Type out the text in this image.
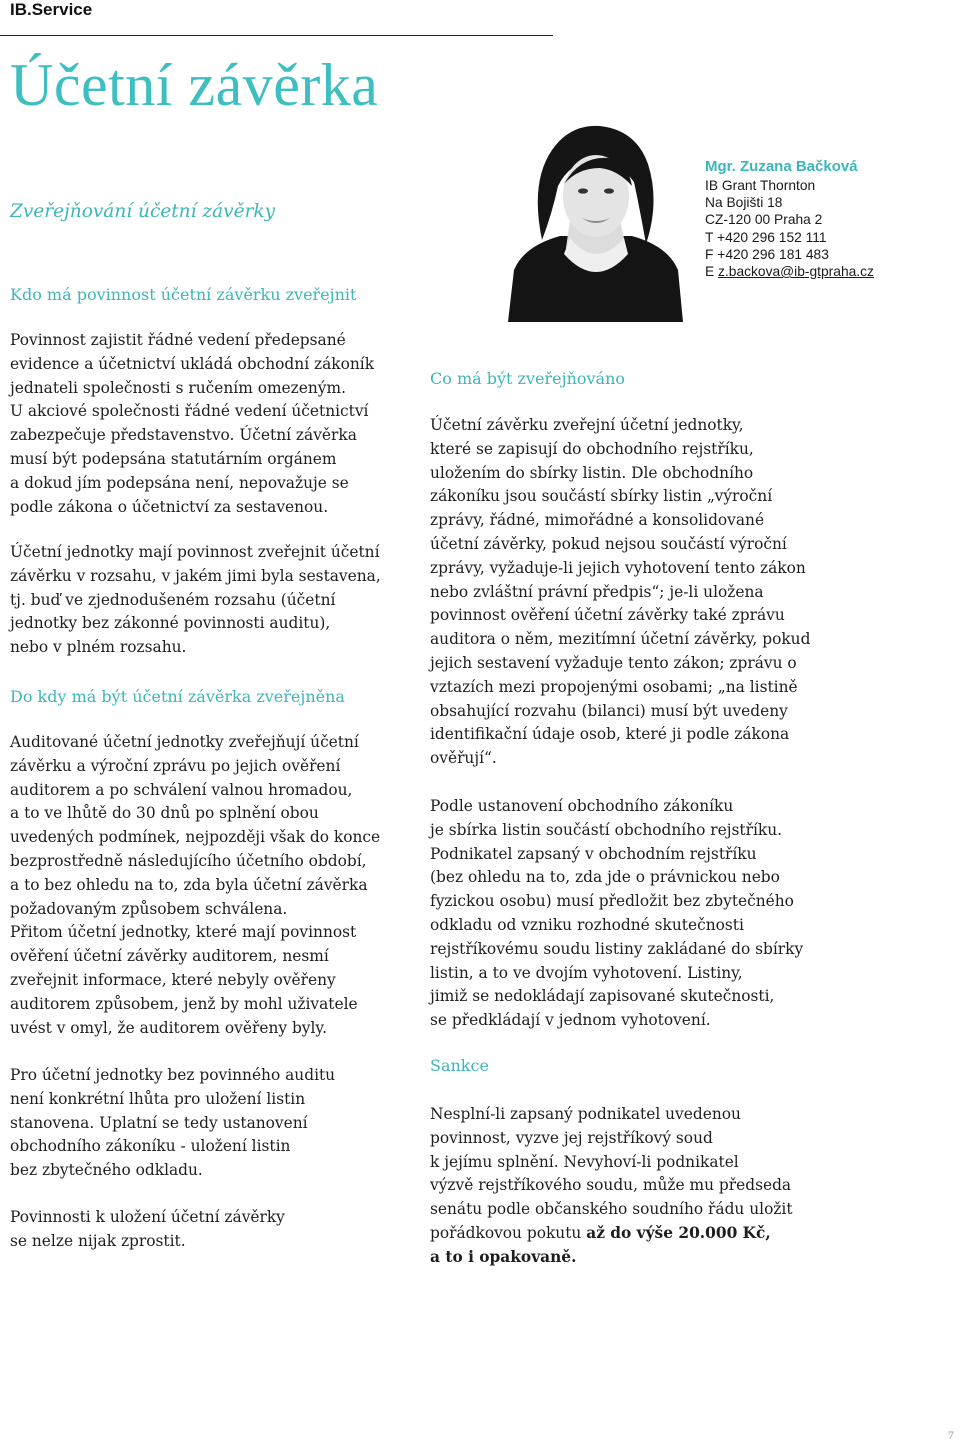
IB.Service
Účetní závěrka
Zveřejňování účetní závěrky
Kdo má povinnost účetní závěrku zveřejnit

Povinnost zajistit řádné vedení předepsané
evidence a účetnictví ukládá obchodní zákoník
jednateli společnosti s ručením omezeným.
U akciové společnosti řádné vedení účetnictví
zabezpečuje představenstvo. Účetní závěrka
musí být podepsána statutárním orgánem
a dokud jím podepsána není, nepovažuje se
podle zákona o účetnictví za sestavenou.

Účetní jednotky mají povinnost zveřejnit účetní
závěrku v rozsahu, v jakém jimi byla sestavena,
tj. buď ve zjednodušeném rozsahu (účetní
jednotky bez zákonné povinnosti auditu),
nebo v plném rozsahu.

Do kdy má být účetní závěrka zveřejněna

Auditované účetní jednotky zveřejňují účetní
závěrku a výroční zprávu po jejich ověření
auditorem a po schválení valnou hromadou,
a to ve lhůtě do 30 dnů po splnění obou
uvedených podmínek, nejpozději však do konce
bezprostředně následujícího účetního období,
a to bez ohledu na to, zda byla účetní závěrka
požadovaným způsobem schválena.
Přitom účetní jednotky, které mají povinnost
ověření účetní závěrky auditorem, nesmí
zveřejnit informace, které nebyly ověřeny
auditorem způsobem, jenž by mohl uživatele
uvést v omyl, že auditorem ověřeny byly.

Pro účetní jednotky bez povinného auditu
není konkrétní lhůta pro uložení listin
stanovena. Uplatní se tedy ustanovení
obchodního zákoníku - uložení listin
bez zbytečného odkladu.

Povinnosti k uložení účetní závěrky
se nelze nijak zprostit.

Mgr. Zuzana Bačková
IB Grant Thornton
Na Bojišti 18
CZ-120 00 Praha 2
T +420 296 152 111
F +420 296 181 483
E z.backova@ib-gtpraha.cz
Co má být zveřejňováno

Účetní závěrku zveřejní účetní jednotky,
které se zapisují do obchodního rejstříku,
uložením do sbírky listin. Dle obchodního
zákoníku jsou součástí sbírky listin „výroční
zprávy, řádné, mimořádné a konsolidované
účetní závěrky, pokud nejsou součástí výroční
zprávy, vyžaduje-li jejich vyhotovení tento zákon
nebo zvláštní právní předpis“; je-li uložena
povinnost ověření účetní závěrky také zprávu
auditora o něm, mezitímní účetní závěrky, pokud
jejich sestavení vyžaduje tento zákon; zprávu o
vztazích mezi propojenými osobami; „na listině
obsahující rozvahu (bilanci) musí být uvedeny
identifikační údaje osob, které ji podle zákona
ověřují“.

Podle ustanovení obchodního zákoníku
je sbírka listin součástí obchodního rejstříku.
Podnikatel zapsaný v obchodním rejstříku
(bez ohledu na to, zda jde o právnickou nebo
fyzickou osobu) musí předložit bez zbytečného
odkladu od vzniku rozhodné skutečnosti
rejstříkovému soudu listiny zakládané do sbírky
listin, a to ve dvojím vyhotovení. Listiny,
jimiž se nedokládají zapisované skutečnosti,
se předkládají v jednom vyhotovení.

Sankce

Nesplní-li zapsaný podnikatel uvedenou
povinnost, vyzve jej rejstříkový soud
k jejímu splnění. Nevyhoví-li podnikatel
výzvě rejstříkového soudu, může mu předseda
senátu podle občanského soudního řádu uložit
pořádkovou pokutu až do výše 20.000 Kč,
a to i opakovaně.

7
